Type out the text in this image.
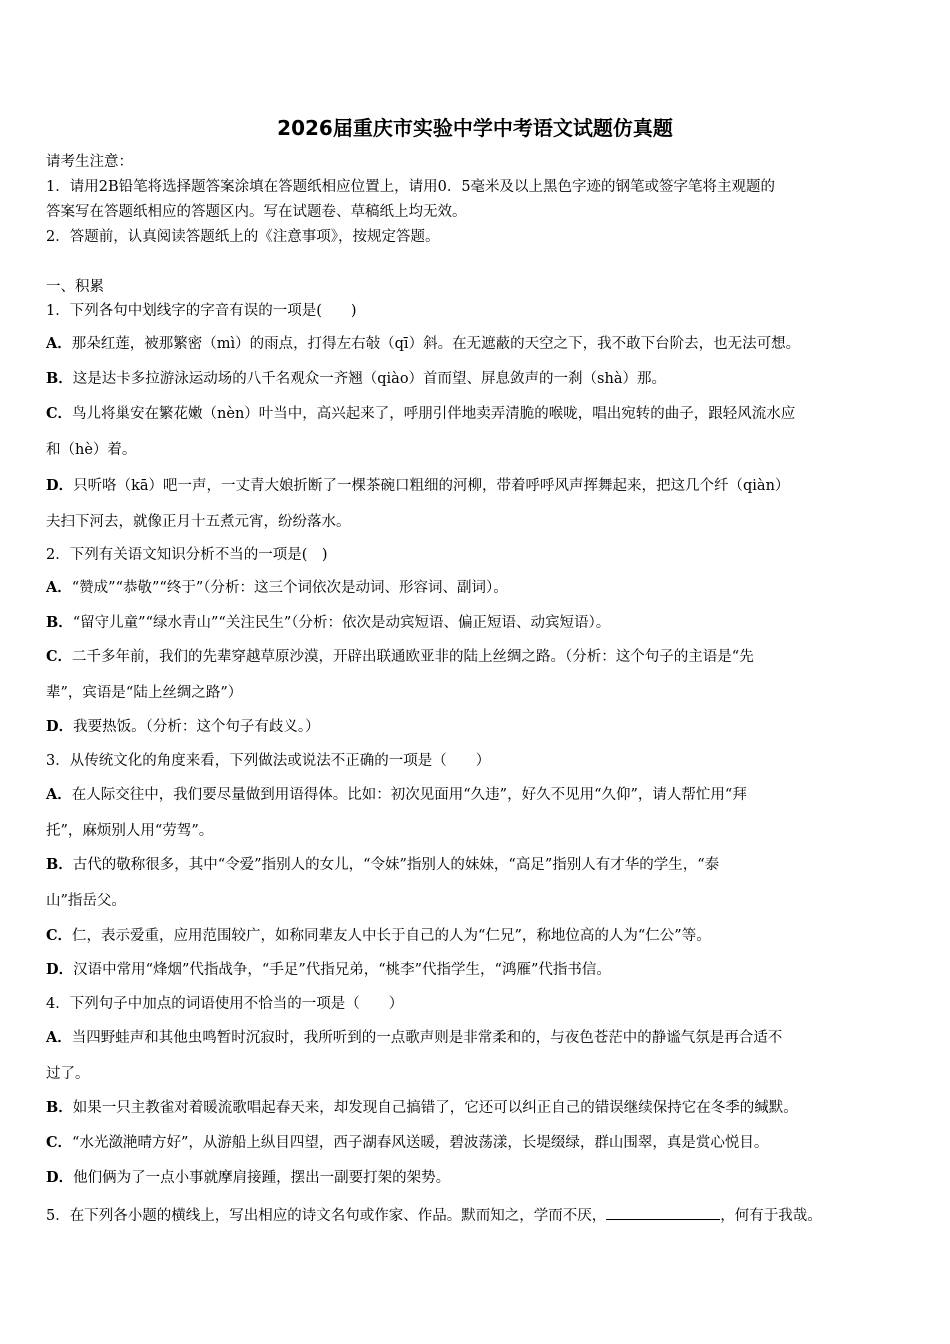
2026届重庆市实验中学中考语文试题仿真题
请考生注意：
1．请用2B铅笔将选择题答案涂填在答题纸相应位置上，请用0．5毫米及以上黑色字迹的钢笔或签字笔将主观题的
答案写在答题纸相应的答题区内。写在试题卷、草稿纸上均无效。
2．答题前，认真阅读答题纸上的《注意事项》，按规定答题。
一、积累
1．下列各句中划线字的字音有误的一项是(　　)
A．那朵红莲，被那繁密（mì）的雨点，打得左右敧（qī）斜。在无遮蔽的天空之下，我不敢下台阶去，也无法可想。
B．这是达卡多拉游泳运动场的八千名观众一齐翘（qiào）首而望、屏息敛声的一刹（shà）那。
C．鸟儿将巢安在繁花嫩（nèn）叶当中，高兴起来了，呼朋引伴地卖弄清脆的喉咙，唱出宛转的曲子，跟轻风流水应
和（hè）着。
D．只听咯（kā）吧一声，一丈青大娘折断了一棵茶碗口粗细的河柳，带着呼呼风声挥舞起来，把这几个纤（qiàn）
夫扫下河去，就像正月十五煮元宵，纷纷落水。
2．下列有关语文知识分析不当的一项是(　)
A．“赞成”“恭敬”“终于”（分析：这三个词依次是动词、形容词、副词）。
B．“留守儿童”“绿水青山”“关注民生”（分析：依次是动宾短语、偏正短语、动宾短语）。
C．二千多年前，我们的先辈穿越草原沙漠，开辟出联通欧亚非的陆上丝绸之路。（分析：这个句子的主语是“先
辈”，宾语是“陆上丝绸之路”）
D．我要热饭。（分析：这个句子有歧义。）
3．从传统文化的角度来看，下列做法或说法不正确的一项是（　　）
A．在人际交往中，我们要尽量做到用语得体。比如：初次见面用“久违”，好久不见用“久仰”，请人帮忙用“拜
托”，麻烦别人用“劳驾”。
B．古代的敬称很多，其中“令爱”指别人的女儿，“令妹”指别人的妹妹，“高足”指别人有才华的学生，“泰
山”指岳父。
C．仁，表示爱重，应用范围较广，如称同辈友人中长于自己的人为“仁兄”，称地位高的人为“仁公”等。
D．汉语中常用“烽烟”代指战争，“手足”代指兄弟，“桃李”代指学生，“鸿雁”代指书信。
4．下列句子中加点的词语使用不恰当的一项是（　　）
A．当四野蛙声和其他虫鸣暂时沉寂时，我所听到的一点歌声则是非常柔和的，与夜色苍茫中的静谧气氛是再合适不
过了。
B．如果一只主教雀对着暖流歌唱起春天来，却发现自己搞错了，它还可以纠正自己的错误继续保持它在冬季的缄默。
C．“水光潋滟晴方好”，从游船上纵目四望，西子湖春风送暖，碧波荡漾，长堤缀绿，群山围翠，真是赏心悦目。
D．他们俩为了一点小事就摩肩接踵，摆出一副要打架的架势。
5．在下列各小题的横线上，写出相应的诗文名句或作家、作品。默而知之，学而不厌，	，何有于我哉。
